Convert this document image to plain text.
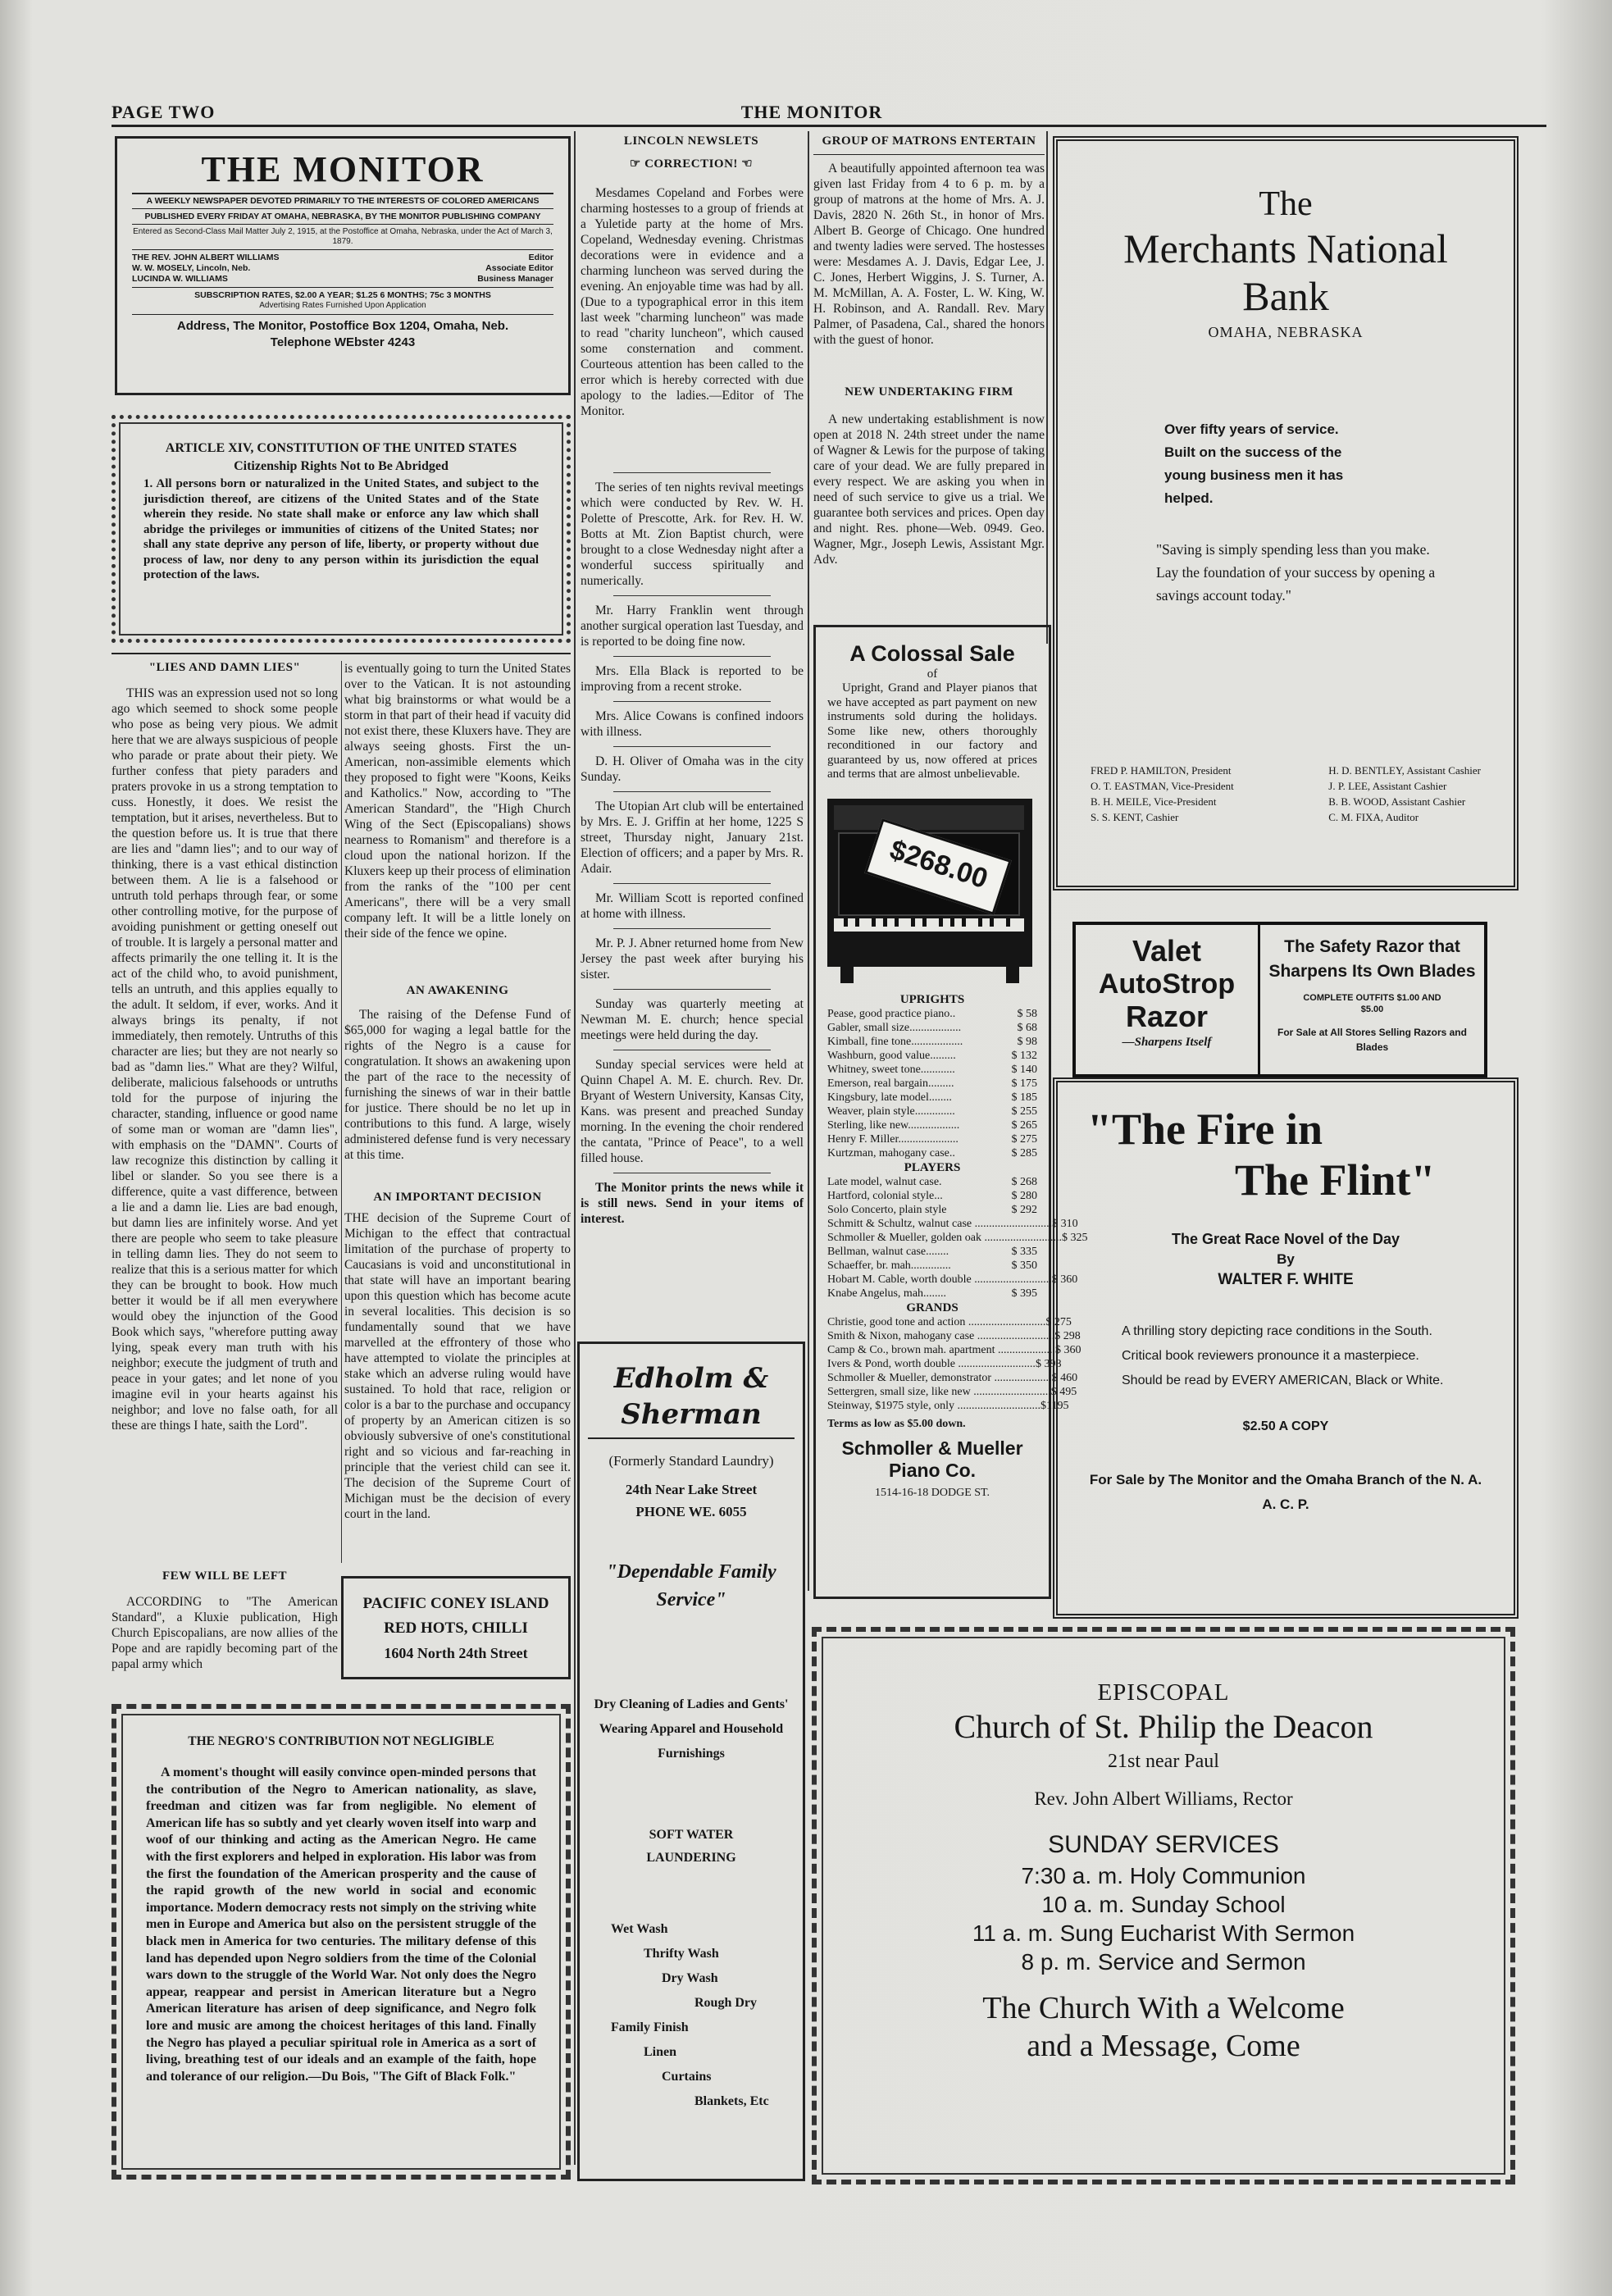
PAGE TWO	THE MONITOR
THE MONITOR
A WEEKLY NEWSPAPER DEVOTED PRIMARILY TO THE INTERESTS OF COLORED AMERICANS
PUBLISHED EVERY FRIDAY AT OMAHA, NEBRASKA, BY THE MONITOR PUBLISHING COMPANY
Entered as Second-Class Mail Matter July 2, 1915, at the Postoffice at Omaha, Nebraska, under the Act of March 3, 1879.
THE REV. JOHN ALBERT WILLIAMS	Editor
W. W. MOSELY, Lincoln, Neb.	Associate Editor
LUCINDA W. WILLIAMS	Business Manager
SUBSCRIPTION RATES, $2.00 A YEAR; $1.25 6 MONTHS; 75c 3 MONTHS
Advertising Rates Furnished Upon Application
Address, The Monitor, Postoffice Box 1204, Omaha, Neb.
Telephone WEbster 4243
ARTICLE XIV, CONSTITUTION OF THE UNITED STATES
Citizenship Rights Not to Be Abridged
1. All persons born or naturalized in the United States, and subject to the jurisdiction thereof, are citizens of the United States and of the State wherein they reside. No state shall make or enforce any law which shall abridge the privileges or immunities of citizens of the United States; nor shall any state deprive any person of life, liberty, or property without due process of law, nor deny to any person within its jurisdiction the equal protection of the laws.
"LIES AND DAMN LIES"
THIS was an expression used not so long ago which seemed to shock some people who pose as being very pious. We admit here that we are always suspicious of people who parade or prate about their piety. We further confess that piety paraders and praters provoke in us a strong temptation to cuss. Honestly, it does. We resist the temptation, but it arises, nevertheless. But to the question before us. It is true that there are lies and "damn lies"; and to our way of thinking, there is a vast ethical distinction between them. A lie is a falsehood or untruth told perhaps through fear, or some other controlling motive, for the purpose of avoiding punishment or getting oneself out of trouble. It is largely a personal matter and affects primarily the one telling it. It is the act of the child who, to avoid punishment, tells an untruth, and this applies equally to the adult. It seldom, if ever, works. And it always brings its penalty, if not immediately, then remotely. Untruths of this character are lies; but they are not nearly so bad as "damn lies." What are they? Wilful, deliberate, malicious falsehoods or untruths told for the purpose of injuring the character, standing, influence or good name of some man or woman are "damn lies", with emphasis on the "DAMN". Courts of law recognize this distinction by calling it libel or slander. So you see there is a difference, quite a vast difference, between a lie and a damn lie. Lies are bad enough, but damn lies are infinitely worse. And yet there are people who seem to take pleasure in telling damn lies. They do not seem to realize that this is a serious matter for which they can be brought to book. How much better it would be if all men everywhere would obey the injunction of the Good Book which says, "wherefore putting away lying, speak every man truth with his neighbor; execute the judgment of truth and peace in your gates; and let none of you imagine evil in your hearts against his neighbor; and love no false oath, for all these are things I hate, saith the Lord".
is eventually going to turn the United States over to the Vatican. It is not astounding what big brainstorms or what would be a storm in that part of their head if vacuity did not exist there, these Kluxers have. They are always seeing ghosts. First the un-American, non-assimible elements which they proposed to fight were "Koons, Keiks and Katholics." Now, according to "The American Standard", the "High Church Wing of the Sect (Episcopalians) shows nearness to Romanism" and therefore is a cloud upon the national horizon. If the Kluxers keep up their process of elimination from the ranks of the "100 per cent Americans", there will be a very small company left. It will be a little lonely on their side of the fence we opine.
AN AWAKENING
The raising of the Defense Fund of $65,000 for waging a legal battle for the rights of the Negro is a cause for congratulation. It shows an awakening upon the part of the race to the necessity of furnishing the sinews of war in their battle for justice. There should be no let up in contributions to this fund. A large, wisely administered defense fund is very necessary at this time.
AN IMPORTANT DECISION
THE decision of the Supreme Court of Michigan to the effect that contractual limitation of the purchase of property to Caucasians is void and unconstitutional in that state will have an important bearing upon this question which has become acute in several localities. This decision is so fundamentally sound that we have marvelled at the effrontery of those who have attempted to violate the principles at stake which an adverse ruling would have sustained. To hold that race, religion or color is a bar to the purchase and occupancy of property by an American citizen is so obviously subversive of one's constitutional right and so vicious and far-reaching in principle that the veriest child can see it. The decision of the Supreme Court of Michigan must be the decision of every court in the land.
FEW WILL BE LEFT
ACCORDING to "The American Standard", a Kluxie publication, High Church Episcopalians, are now allies of the Pope and are rapidly becoming part of the papal army which
PACIFIC CONEY ISLAND
RED HOTS, CHILLI
1604 North 24th Street
THE NEGRO'S CONTRIBUTION NOT NEGLIGIBLE
A moment's thought will easily convince open-minded persons that the contribution of the Negro to American nationality, as slave, freedman and citizen was far from negligible. No element of American life has so subtly and yet clearly woven itself into warp and woof of our thinking and acting as the American Negro. He came with the first explorers and helped in exploration. His labor was from the first the foundation of the American prosperity and the cause of the rapid growth of the new world in social and economic importance. Modern democracy rests not simply on the striving white men in Europe and America but also on the persistent struggle of the black men in America for two centuries. The military defense of this land has depended upon Negro soldiers from the time of the Colonial wars down to the struggle of the World War. Not only does the Negro appear, reappear and persist in American literature but a Negro American literature has arisen of deep significance, and Negro folk lore and music are among the choicest heritages of this land. Finally the Negro has played a peculiar spiritual role in America as a sort of living, breathing test of our ideals and an example of the faith, hope and tolerance of our religion.—Du Bois, "The Gift of Black Folk."
LINCOLN NEWSLETS
☞ CORRECTION! ☜
Mesdames Copeland and Forbes were charming hostesses to a group of friends at a Yuletide party at the home of Mrs. Copeland, Wednesday evening. Christmas decorations were in evidence and a charming luncheon was served during the evening. An enjoyable time was had by all. (Due to a typographical error in this item last week "charming luncheon" was made to read "charity luncheon", which caused some consternation and comment. Courteous attention has been called to the error which is hereby corrected with due apology to the ladies.—Editor of The Monitor.

The series of ten nights revival meetings which were conducted by Rev. W. H. Polette of Prescotte, Ark. for Rev. H. W. Botts at Mt. Zion Baptist church, were brought to a close Wednesday night after a wonderful success spiritually and numerically.

Mr. Harry Franklin went through another surgical operation last Tuesday, and is reported to be doing fine now.

Mrs. Ella Black is reported to be improving from a recent stroke.

Mrs. Alice Cowans is confined indoors with illness.

D. H. Oliver of Omaha was in the city Sunday.

The Utopian Art club will be entertained by Mrs. E. J. Griffin at her home, 1225 S street, Thursday night, January 21st. Election of officers; and a paper by Mrs. R. Adair.

Mr. William Scott is reported confined at home with illness.

Mr. P. J. Abner returned home from New Jersey the past week after burying his sister.

Sunday was quarterly meeting at Newman M. E. church; hence special meetings were held during the day.

Sunday special services were held at Quinn Chapel A. M. E. church. Rev. Dr. Bryant of Western University, Kansas City, Kans. was present and preached Sunday morning. In the evening the choir rendered the cantata, "Prince of Peace", to a well filled house.

The Monitor prints the news while it is still news. Send in your items of interest.

Edholm & Sherman
(Formerly Standard Laundry)
24th Near Lake Street
PHONE WE. 6055
"Dependable Family Service"
Dry Cleaning of Ladies and Gents' Wearing Apparel and Household Furnishings
SOFT WATER LAUNDERING
Wet Wash
Thrifty Wash
Dry Wash
Rough Dry
Family Finish
Linen
Curtains
Blankets, Etc
GROUP OF MATRONS ENTERTAIN
A beautifully appointed afternoon tea was given last Friday from 4 to 6 p. m. by a group of matrons at the home of Mrs. A. J. Davis, 2820 N. 26th St., in honor of Mrs. Albert B. George of Chicago. One hundred and twenty ladies were served. The hostesses were: Mesdames A. J. Davis, Edgar Lee, J. C. Jones, Herbert Wiggins, J. S. Turner, A. M. McMillan, A. A. Foster, L. W. King, W. H. Robinson, and A. Randall. Rev. Mary Palmer, of Pasadena, Cal., shared the honors with the guest of honor.
NEW UNDERTAKING FIRM
A new undertaking establishment is now open at 2018 N. 24th street under the name of Wagner & Lewis for the purpose of taking care of your dead. We are fully prepared in every respect. We are asking you when in need of such service to give us a trial. We guarantee both services and prices. Open day and night. Res. phone—Web. 0949. Geo. Wagner, Mgr., Joseph Lewis, Assistant Mgr. Adv.
A Colossal Sale
of
Upright, Grand and Player pianos that we have accepted as part payment on new instruments sold during the holidays. Some like new, others thoroughly reconditioned in our factory and guaranteed by us, now offered at prices and terms that are almost unbelievable.
$268.00
UPRIGHTS
Pease, good practice piano..	$ 58
Gabler, small size..................	$ 68
Kimball, fine tone..................	$ 98
Washburn, good value.........	$ 132
Whitney, sweet tone............	$ 140
Emerson, real bargain.........	$ 175
Kingsbury, late model........	$ 185
Weaver, plain style..............	$ 255
Sterling, like new..................	$ 265
Henry F. Miller.....................	$ 275
Kurtzman, mahogany case..	$ 285
PLAYERS
Late model, walnut case.	$ 268
Hartford, colonial style...	$ 280
Solo Concerto, plain style	$ 292
Schmitt & Schultz, walnut case ........................... $ 310
Schmoller & Mueller, golden oak ........................... $ 325
Bellman, walnut case........	$ 335
Schaeffer, br. mah..............	$ 350
Hobart M. Cable, worth double ........................... $ 360
Knabe Angelus, mah........	$ 395
GRANDS
Christie, good tone and action ........................... $ 275
Smith & Nixon, mahogany case ........................... $ 298
Camp & Co., brown mah. apartment .................... $ 360
Ivers & Pond, worth double ........................... $ 398
Schmoller & Mueller, demonstrator .................... $ 460
Settergren, small size, like new ........................... $ 495
Steinway, $1975 style, only ............................. $1195
Terms as low as $5.00 down.
Schmoller & Mueller Piano Co.
1514-16-18 DODGE ST.
The
Merchants National
Bank
OMAHA, NEBRASKA
Over fifty years of service.
Built on the success of the
young business men it has
helped.
"Saving is simply spending less than you make. Lay the foundation of your success by opening a savings account today."
FRED P. HAMILTON, President
O. T. EASTMAN, Vice-President
B. H. MEILE, Vice-President
S. S. KENT, Cashier
H. D. BENTLEY, Assistant Cashier
J. P. LEE, Assistant Cashier
B. B. WOOD, Assistant Cashier
C. M. FIXA, Auditor
Valet
AutoStrop
Razor
—Sharpens Itself
The Safety Razor that Sharpens Its Own Blades
COMPLETE OUTFITS $1.00 AND $5.00
For Sale at All Stores Selling Razors and Blades
"The Fire in
The Flint"
The Great Race Novel of the Day
By
WALTER F. WHITE
A thrilling story depicting race conditions in the South.
Critical book reviewers pronounce it a masterpiece.
Should be read by EVERY AMERICAN, Black or White.
$2.50 A COPY
For Sale by The Monitor and the Omaha Branch of the N. A. A. C. P.
EPISCOPAL
Church of St. Philip the Deacon
21st near Paul
Rev. John Albert Williams, Rector
SUNDAY SERVICES
7:30 a. m. Holy Communion
10 a. m. Sunday School
11 a. m. Sung Eucharist With Sermon
8 p. m. Service and Sermon
The Church With a Welcome
and a Message, Come
